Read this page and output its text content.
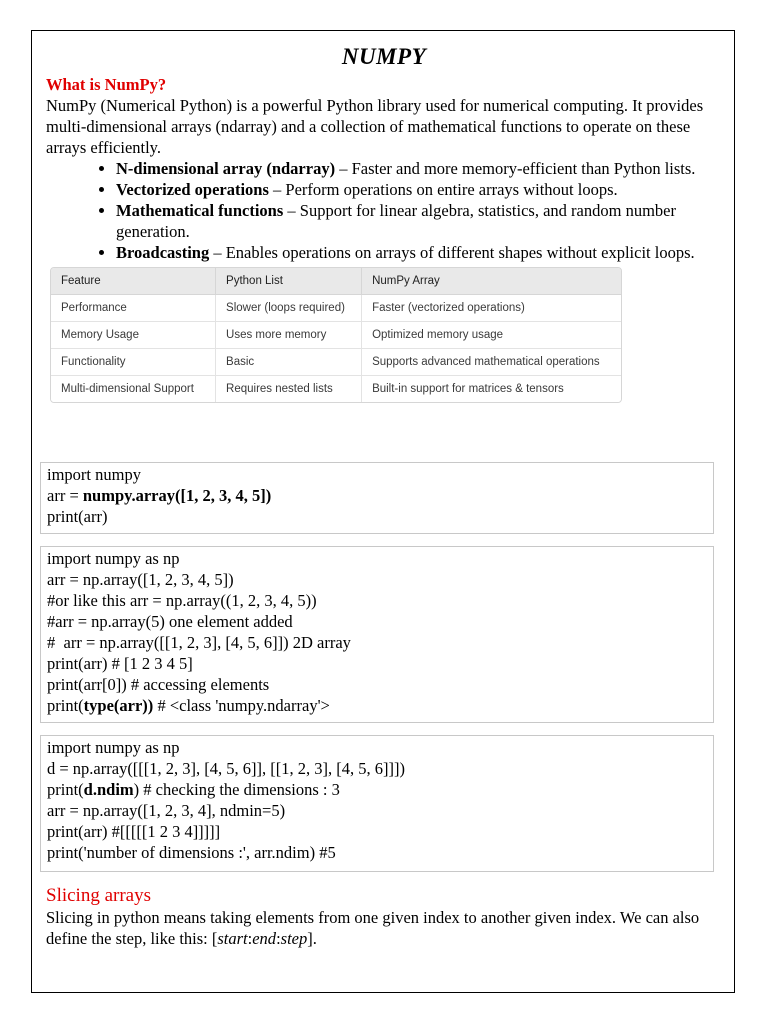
NUMPY
What is NumPy?

NumPy (Numerical Python) is a powerful Python library used for numerical computing. It provides multi-dimensional arrays (ndarray) and a collection of mathematical functions to operate on these arrays efficiently.

• N-dimensional array (ndarray) – Faster and more memory-efficient than Python lists.
• Vectorized operations – Perform operations on entire arrays without loops.
• Mathematical functions – Support for linear algebra, statistics, and random number generation.
• Broadcasting – Enables operations on arrays of different shapes without explicit loops.
Feature	Python List	NumPy Array
Performance	Slower (loops required)	Faster (vectorized operations)
Memory Usage	Uses more memory	Optimized memory usage
Functionality	Basic	Supports advanced mathematical operations
Multi-dimensional Support	Requires nested lists	Built-in support for matrices & tensors
import numpy
arr = numpy.array([1, 2, 3, 4, 5])
print(arr)
import numpy as np
arr = np.array([1, 2, 3, 4, 5])
#or like this arr = np.array((1, 2, 3, 4, 5))
#arr = np.array(5) one element added
#  arr = np.array([[1, 2, 3], [4, 5, 6]]) 2D array
print(arr) # [1 2 3 4 5]
print(arr[0]) # accessing elements
print(type(arr)) # <class 'numpy.ndarray'>
import numpy as np
d = np.array([[[1, 2, 3], [4, 5, 6]], [[1, 2, 3], [4, 5, 6]]])
print(d.ndim) # checking the dimensions : 3
arr = np.array([1, 2, 3, 4], ndmin=5)
print(arr) #[[[[[1 2 3 4]]]]]
print('number of dimensions :', arr.ndim) #5
Slicing arrays

Slicing in python means taking elements from one given index to another given index. We can also define the step, like this: [start:end:step].
